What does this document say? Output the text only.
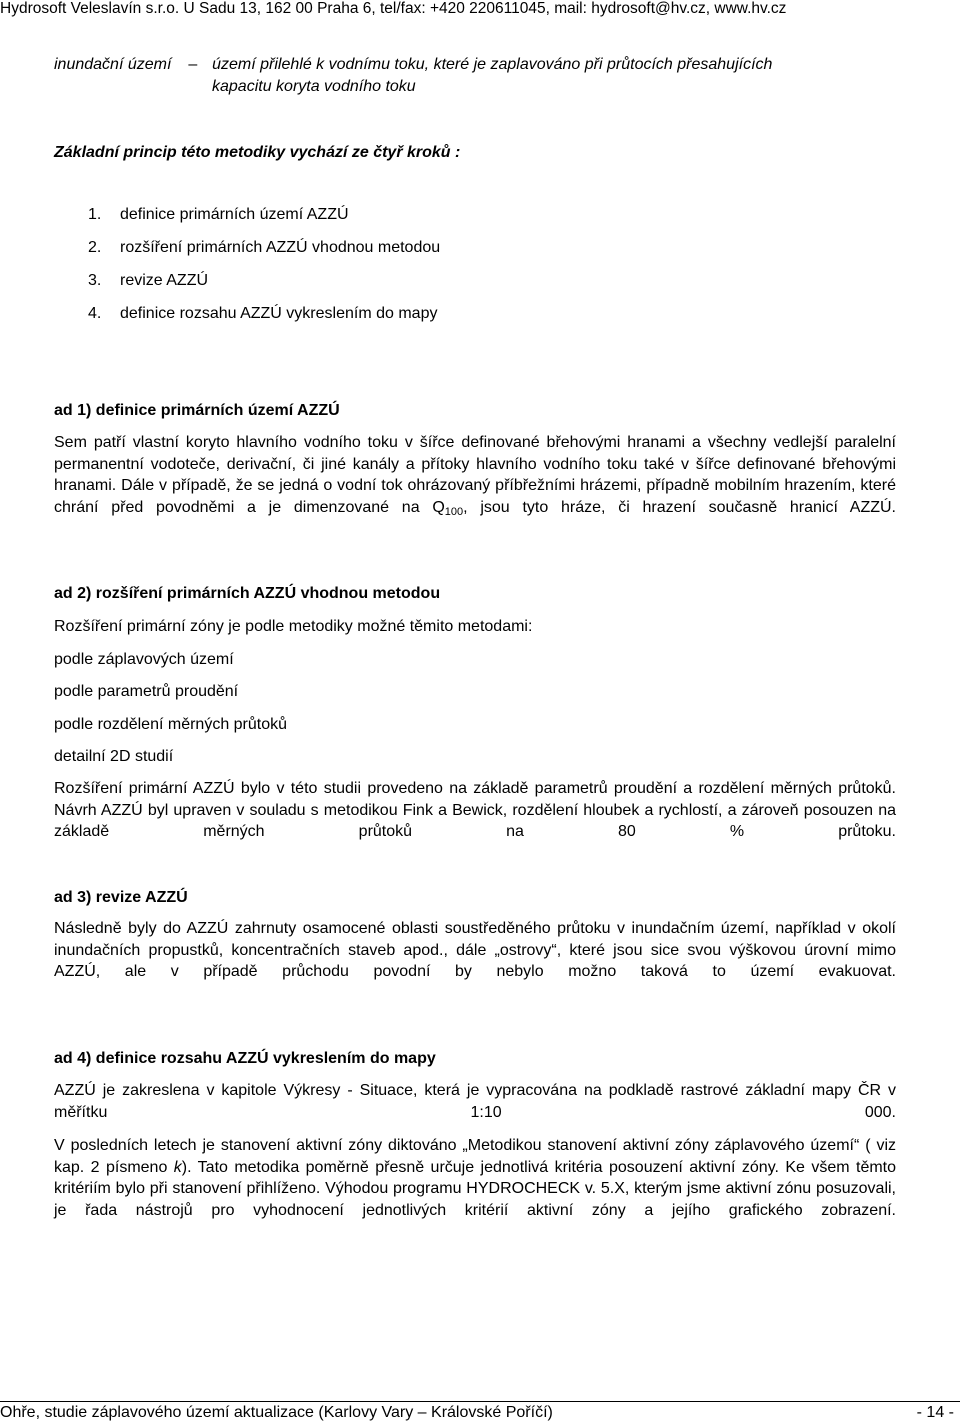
Hydrosoft Veleslavín s.r.o. U Sadu 13, 162 00 Praha 6, tel/fax: +420 220611045, mail: hydrosoft@hv.cz, www.hv.cz
inundační území – území přilehlé k vodnímu toku, které je zaplavováno při průtocích přesahujících
kapacitu koryta vodního toku
Základní princip této metodiky vychází ze čtyř kroků :
1. definice primárních území AZZÚ
2. rozšíření primárních AZZÚ vhodnou metodou
3. revize AZZÚ
4. definice rozsahu AZZÚ vykreslením do mapy
ad 1) definice primárních území AZZÚ
Sem patří vlastní koryto hlavního vodního toku v šířce definované břehovými hranami a všechny vedlejší paralelní permanentní vodoteče, derivační, či jiné kanály a přítoky hlavního vodního toku také v šířce definované břehovými hranami. Dále v případě, že se jedná o vodní tok ohrázovaný příbřežními hrázemi, případně mobilním hrazením, které chrání před povodněmi a je dimenzované na $Q_{100}$, jsou tyto hráze, či hrazení současně hranicí AZZÚ.
ad 2) rozšíření primárních AZZÚ vhodnou metodou
Rozšíření primární zóny je podle metodiky možné těmito metodami:
podle záplavových území
podle parametrů proudění
podle rozdělení měrných průtoků
detailní 2D studií
Rozšíření primární AZZÚ bylo v této studii provedeno na základě parametrů proudění a rozdělení měrných průtoků. Návrh AZZÚ byl upraven v souladu s metodikou Fink a Bewick, rozdělení hloubek a rychlostí, a zároveň posouzen na základě měrných průtoků na 80 % průtoku.
ad 3) revize AZZÚ
Následně byly do AZZÚ zahrnuty osamocené oblasti soustředěného průtoku v inundačním území, například v okolí inundačních propustků, koncentračních staveb apod., dále „ostrovy“, které jsou sice svou výškovou úrovní mimo AZZÚ, ale v případě průchodu povodní by nebylo možno taková to území evakuovat.
ad 4) definice rozsahu AZZÚ vykreslením do mapy
AZZÚ je zakreslena v kapitole Výkresy - Situace, která je vypracována na podkladě rastrové základní mapy ČR v měřítku 1:10 000.
V posledních letech je stanovení aktivní zóny diktováno „Metodikou stanovení aktivní zóny záplavového území“ ( viz kap. 2 písmeno k). Tato metodika poměrně přesně určuje jednotlivá kritéria posouzení aktivní zóny. Ke všem těmto kritériím bylo při stanovení přihlíženo. Výhodou programu HYDROCHECK v. 5.X, kterým jsme aktivní zónu posuzovali, je řada nástrojů pro vyhodnocení jednotlivých kritérií aktivní zóny a jejího grafického zobrazení.
Ohře, studie záplavového území aktualizace (Karlovy Vary – Královské Poříčí)	- 14 -
